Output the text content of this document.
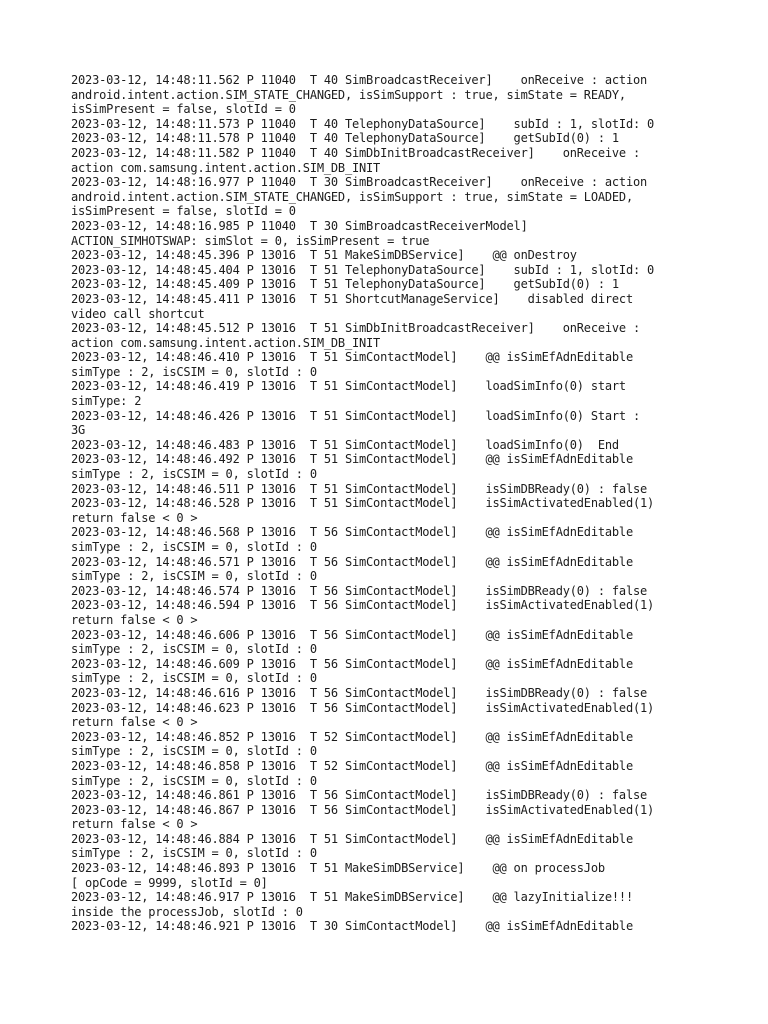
2023-03-12, 14:48:11.562 P 11040  T 40 SimBroadcastReceiver]    onReceive : action
android.intent.action.SIM_STATE_CHANGED, isSimSupport : true, simState = READY,
isSimPresent = false, slotId = 0
2023-03-12, 14:48:11.573 P 11040  T 40 TelephonyDataSource]    subId : 1, slotId: 0
2023-03-12, 14:48:11.578 P 11040  T 40 TelephonyDataSource]    getSubId(0) : 1
2023-03-12, 14:48:11.582 P 11040  T 40 SimDbInitBroadcastReceiver]    onReceive :
action com.samsung.intent.action.SIM_DB_INIT
2023-03-12, 14:48:16.977 P 11040  T 30 SimBroadcastReceiver]    onReceive : action
android.intent.action.SIM_STATE_CHANGED, isSimSupport : true, simState = LOADED,
isSimPresent = false, slotId = 0
2023-03-12, 14:48:16.985 P 11040  T 30 SimBroadcastReceiverModel]
ACTION_SIMHOTSWAP: simSlot = 0, isSimPresent = true
2023-03-12, 14:48:45.396 P 13016  T 51 MakeSimDBService]    @@ onDestroy
2023-03-12, 14:48:45.404 P 13016  T 51 TelephonyDataSource]    subId : 1, slotId: 0
2023-03-12, 14:48:45.409 P 13016  T 51 TelephonyDataSource]    getSubId(0) : 1
2023-03-12, 14:48:45.411 P 13016  T 51 ShortcutManageService]    disabled direct
video call shortcut
2023-03-12, 14:48:45.512 P 13016  T 51 SimDbInitBroadcastReceiver]    onReceive :
action com.samsung.intent.action.SIM_DB_INIT
2023-03-12, 14:48:46.410 P 13016  T 51 SimContactModel]    @@ isSimEfAdnEditable
simType : 2, isCSIM = 0, slotId : 0
2023-03-12, 14:48:46.419 P 13016  T 51 SimContactModel]    loadSimInfo(0) start
simType: 2
2023-03-12, 14:48:46.426 P 13016  T 51 SimContactModel]    loadSimInfo(0) Start :
3G
2023-03-12, 14:48:46.483 P 13016  T 51 SimContactModel]    loadSimInfo(0)  End
2023-03-12, 14:48:46.492 P 13016  T 51 SimContactModel]    @@ isSimEfAdnEditable
simType : 2, isCSIM = 0, slotId : 0
2023-03-12, 14:48:46.511 P 13016  T 51 SimContactModel]    isSimDBReady(0) : false
2023-03-12, 14:48:46.528 P 13016  T 51 SimContactModel]    isSimActivatedEnabled(1)
return false < 0 >
2023-03-12, 14:48:46.568 P 13016  T 56 SimContactModel]    @@ isSimEfAdnEditable
simType : 2, isCSIM = 0, slotId : 0
2023-03-12, 14:48:46.571 P 13016  T 56 SimContactModel]    @@ isSimEfAdnEditable
simType : 2, isCSIM = 0, slotId : 0
2023-03-12, 14:48:46.574 P 13016  T 56 SimContactModel]    isSimDBReady(0) : false
2023-03-12, 14:48:46.594 P 13016  T 56 SimContactModel]    isSimActivatedEnabled(1)
return false < 0 >
2023-03-12, 14:48:46.606 P 13016  T 56 SimContactModel]    @@ isSimEfAdnEditable
simType : 2, isCSIM = 0, slotId : 0
2023-03-12, 14:48:46.609 P 13016  T 56 SimContactModel]    @@ isSimEfAdnEditable
simType : 2, isCSIM = 0, slotId : 0
2023-03-12, 14:48:46.616 P 13016  T 56 SimContactModel]    isSimDBReady(0) : false
2023-03-12, 14:48:46.623 P 13016  T 56 SimContactModel]    isSimActivatedEnabled(1)
return false < 0 >
2023-03-12, 14:48:46.852 P 13016  T 52 SimContactModel]    @@ isSimEfAdnEditable
simType : 2, isCSIM = 0, slotId : 0
2023-03-12, 14:48:46.858 P 13016  T 52 SimContactModel]    @@ isSimEfAdnEditable
simType : 2, isCSIM = 0, slotId : 0
2023-03-12, 14:48:46.861 P 13016  T 56 SimContactModel]    isSimDBReady(0) : false
2023-03-12, 14:48:46.867 P 13016  T 56 SimContactModel]    isSimActivatedEnabled(1)
return false < 0 >
2023-03-12, 14:48:46.884 P 13016  T 51 SimContactModel]    @@ isSimEfAdnEditable
simType : 2, isCSIM = 0, slotId : 0
2023-03-12, 14:48:46.893 P 13016  T 51 MakeSimDBService]    @@ on processJob
[ opCode = 9999, slotId = 0]
2023-03-12, 14:48:46.917 P 13016  T 51 MakeSimDBService]    @@ lazyInitialize!!!
inside the processJob, slotId : 0
2023-03-12, 14:48:46.921 P 13016  T 30 SimContactModel]    @@ isSimEfAdnEditable
